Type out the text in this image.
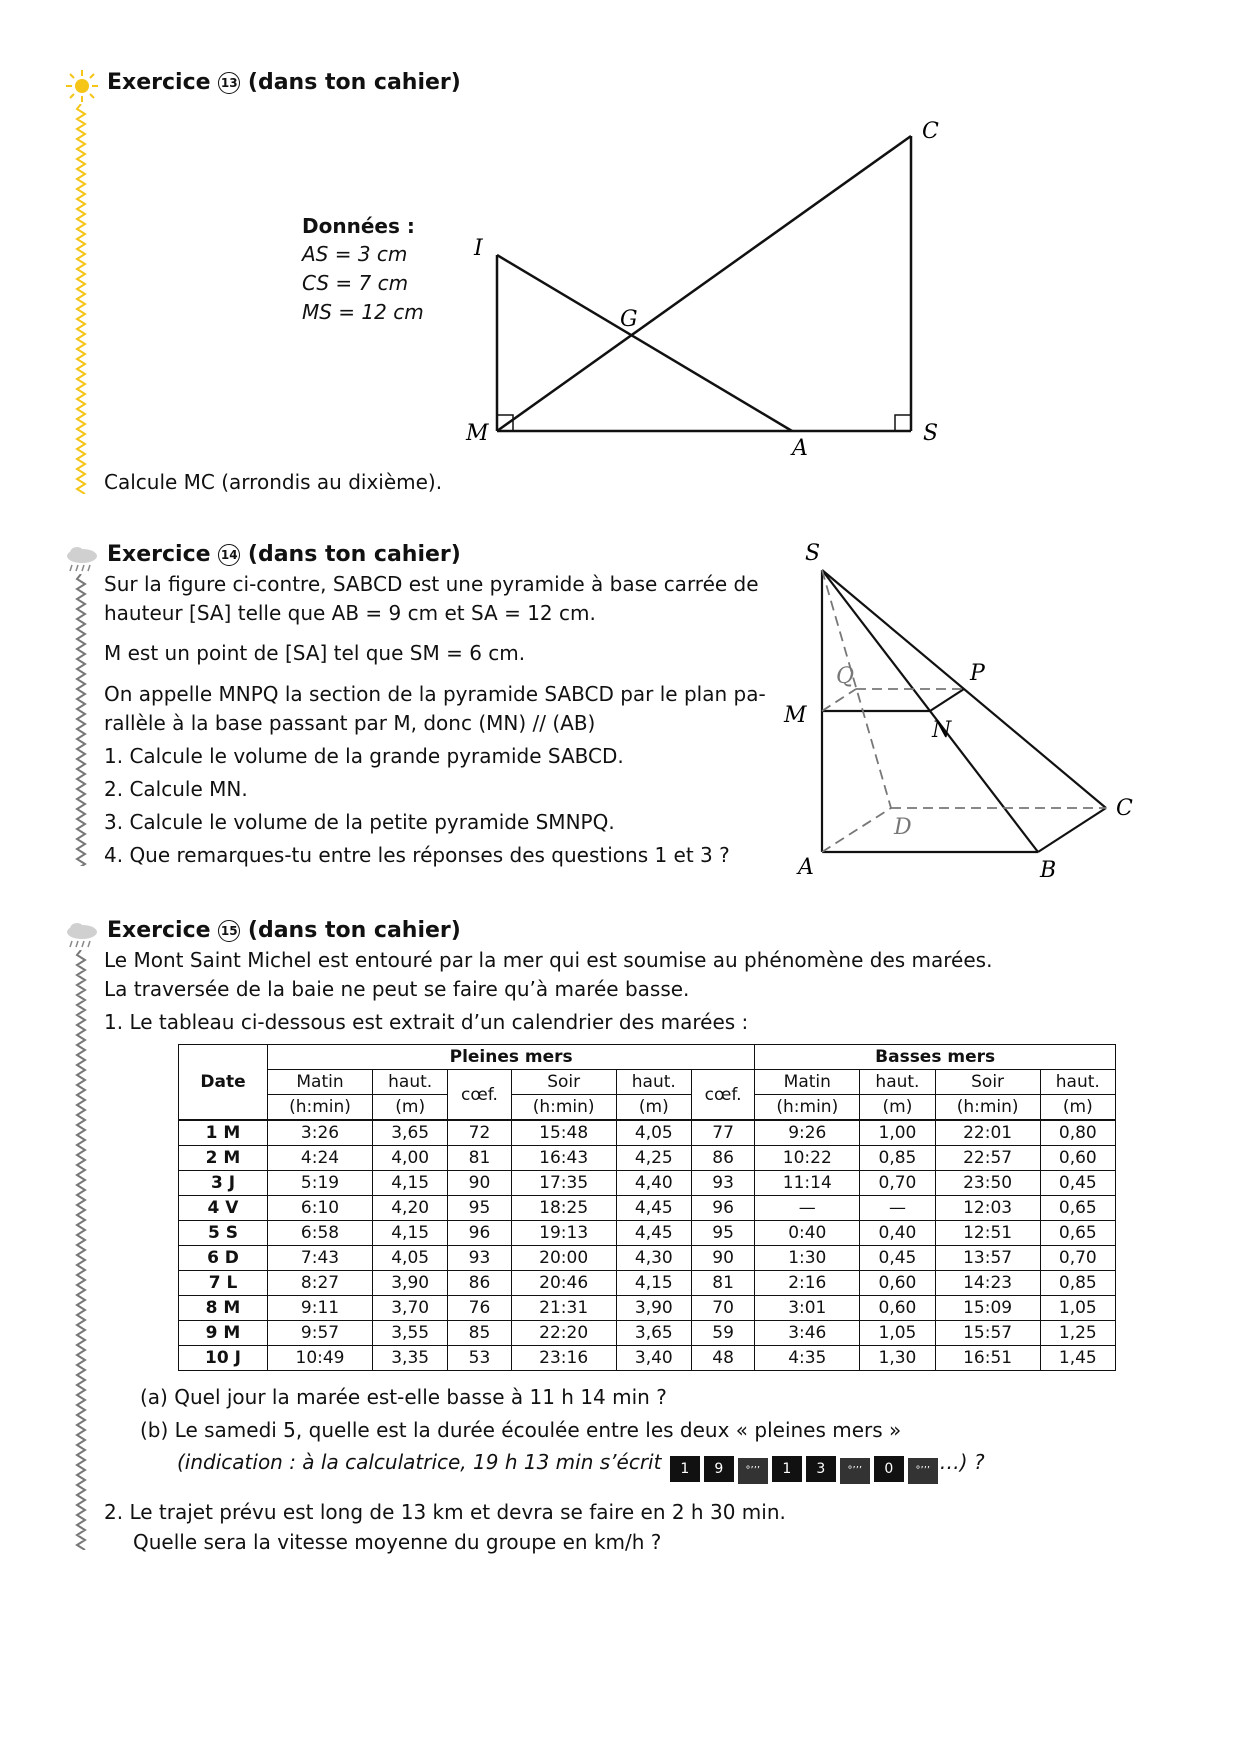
Exercice 13 (dans ton cahier)
Données :
AS = 3 cm
CS = 7 cm
MS = 12 cm
C
I
G
M
A
S
Calcule MC (arrondis au dixième).
Exercice 14 (dans ton cahier)
Sur la figure ci-contre, SABCD est une pyramide à base carrée de
hauteur [SA] telle que AB = 9 cm et SA = 12 cm.
M est un point de [SA] tel que SM = 6 cm.
On appelle MNPQ la section de la pyramide SABCD par le plan pa-
rallèle à la base passant par M, donc (MN) // (AB)
1. Calcule le volume de la grande pyramide SABCD.
2. Calcule MN.
3. Calcule le volume de la petite pyramide SMNPQ.
4. Que remarques-tu entre les réponses des questions 1 et 3 ?
S
P
Q
M
N
C
D
A	B
Exercice 15 (dans ton cahier)
Le Mont Saint Michel est entouré par la mer qui est soumise au phénomène des marées.
La traversée de la baie ne peut se faire qu’à marée basse.
1. Le tableau ci-dessous est extrait d’un calendrier des marées :
Date	Pleines mers						Basses mers			
	Matin	haut.	cœf.	Soir	haut.	cœf.	Matin	haut.	Soir	haut.
	(h:min)	(m)		(h:min)	(m)		(h:min)	(m)	(h:min)	(m)
1 M	3:26	3,65	72	15:48	4,05	77	9:26	1,00	22:01	0,80
2 M	4:24	4,00	81	16:43	4,25	86	10:22	0,85	22:57	0,60
3 J	5:19	4,15	90	17:35	4,40	93	11:14	0,70	23:50	0,45
4 V	6:10	4,20	95	18:25	4,45	96	—	—	12:03	0,65
5 S	6:58	4,15	96	19:13	4,45	95	0:40	0,40	12:51	0,65
6 D	7:43	4,05	93	20:00	4,30	90	1:30	0,45	13:57	0,70
7 L	8:27	3,90	86	20:46	4,15	81	2:16	0,60	14:23	0,85
8 M	9:11	3,70	76	21:31	3,90	70	3:01	0,60	15:09	1,05
9 M	9:57	3,55	85	22:20	3,65	59	3:46	1,05	15:57	1,25
10 J	10:49	3,35	53	23:16	3,40	48	4:35	1,30	16:51	1,45
(a) Quel jour la marée est-elle basse à 11 h 14 min ?
(b) Le samedi 5, quelle est la durée écoulée entre les deux « pleines mers »
(indication : à la calculatrice, 19 h 13 min s’écrit 1 9 °’’’ 1 3 °’’’ 0 °’’’ …) ?
2. Le trajet prévu est long de 13 km et devra se faire en 2 h 30 min.
Quelle sera la vitesse moyenne du groupe en km/h ?
